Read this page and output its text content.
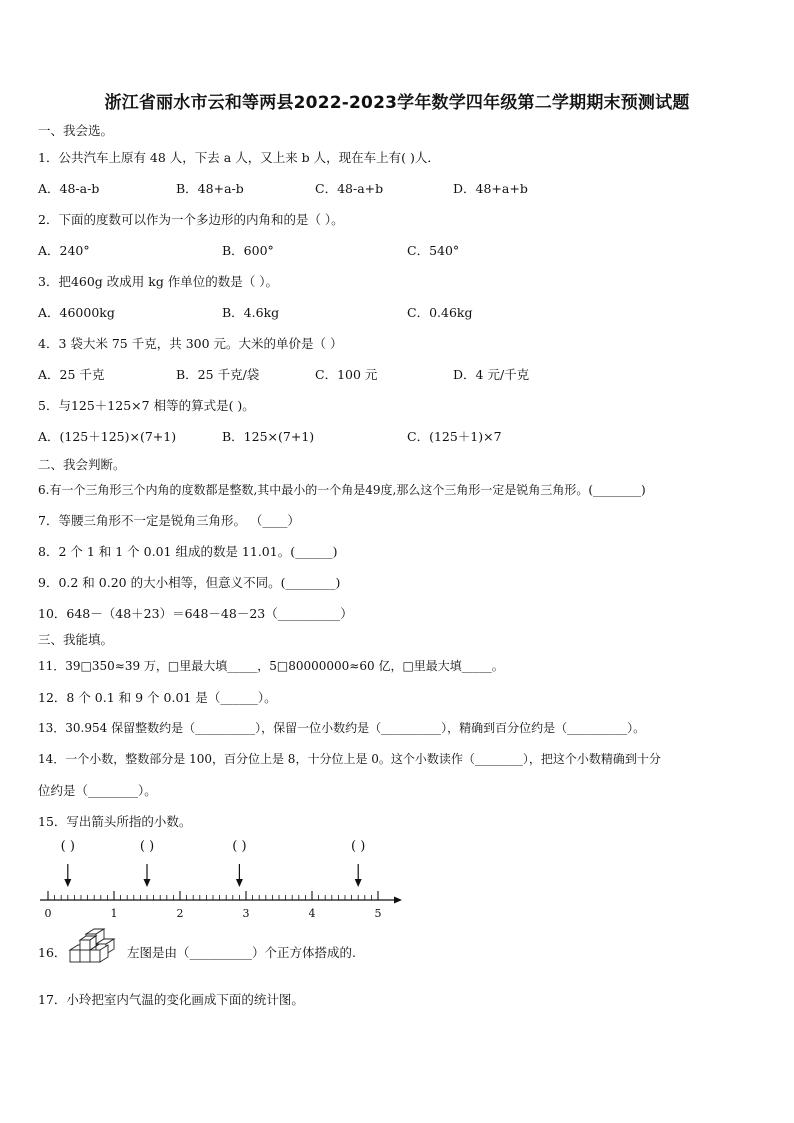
浙江省丽水市云和等两县2022-2023学年数学四年级第二学期期末预测试题
一、我会选。
1．公共汽车上原有 48 人，下去 a 人，又上来 b 人，现在车上有( )人．
A．48-a-b	B．48+a-b	C．48-a+b	D．48+a+b
2．下面的度数可以作为一个多边形的内角和的是（ ）。
A．240°	B．600°	C．540°
3．把460g 改成用 kg 作单位的数是（ ）。
A．46000kg	B．4.6kg	C．0.46kg
4．3 袋大米 75 千克，共 300 元。大米的单价是（ ）
A．25 千克	B．25 千克/袋	C．100 元	D．4 元/千克
5．与125＋125×7 相等的算式是( )。
A．(125＋125)×(7+1)	B．125×(7+1)	C．(125＋1)×7
二、我会判断。
6.有一个三角形三个内角的度数都是整数,其中最小的一个角是49度,那么这个三角形一定是锐角三角形。(________)
7．等腰三角形不一定是锐角三角形。 （____）
8．2 个 1 和 1 个 0.01 组成的数是 11.01。(______)
9．0.2 和 0.20 的大小相等，但意义不同。(________)
10．648－（48＋23）＝648－48－23（__________）
三、我能填。
11．39□350≈39 万，□里最大填_____，5□80000000≈60 亿，□里最大填_____。
12．8 个 0.1 和 9 个 0.01 是（______）。
13．30.954 保留整数约是（__________），保留一位小数约是（__________），精确到百分位约是（__________）。
14．一个小数，整数部分是 100，百分位上是 8，十分位上是 0。这个小数读作（________），把这个小数精确到十分
位约是（________）。
15．写出箭头所指的小数。
( )	( )	( )	( )
0	1	2	3	4	5
16．	左图是由（__________）个正方体搭成的.
17．小玲把室内气温的变化画成下面的统计图。
